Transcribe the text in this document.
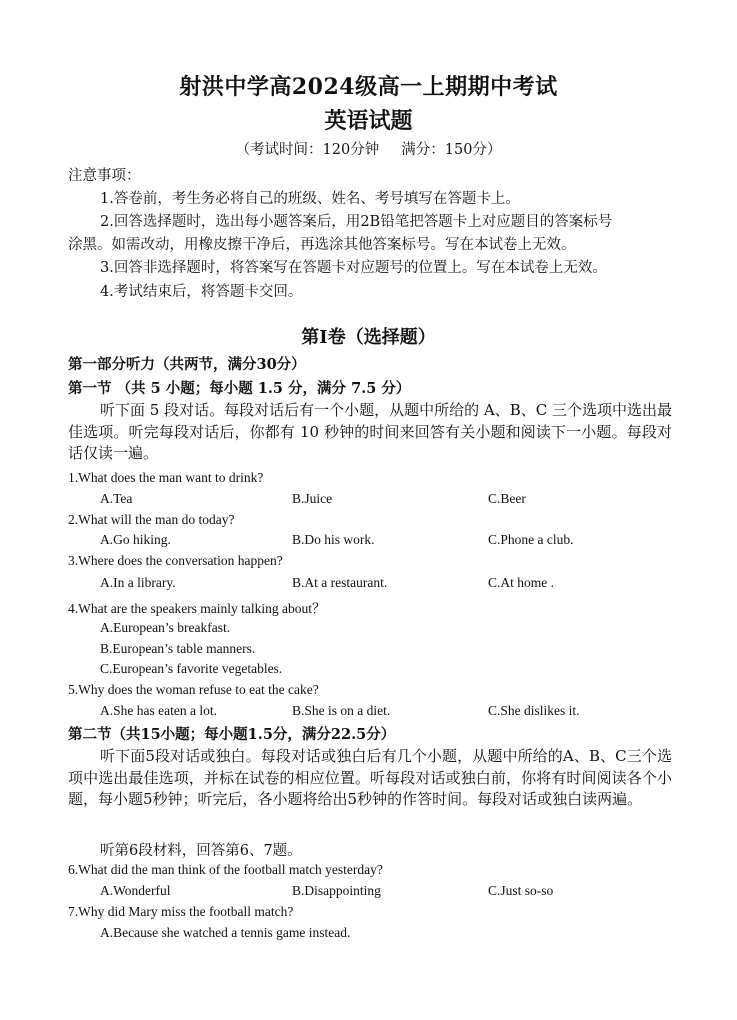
射洪中学高2024级高一上期期中考试
英语试题
（考试时间：120分钟 满分：150分）
注意事项：
1.答卷前，考生务必将自己的班级、姓名、考号填写在答题卡上。
2.回答选择题时，选出每小题答案后，用2B铅笔把答题卡上对应题目的答案标号
涂黑。如需改动，用橡皮擦干净后，再选涂其他答案标号。写在本试卷上无效。
3.回答非选择题时，将答案写在答题卡对应题号的位置上。写在本试卷上无效。
4.考试结束后，将答题卡交回。
第Ⅰ卷（选择题）
第一部分听力（共两节，满分30分）
第一节 （共 5 小题；每小题 1.5 分，满分 7.5 分）
听下面 5 段对话。每段对话后有一个小题，从题中所给的 A、B、C 三个选项中选出最佳选项。听完每段对话后，你都有 10 秒钟的时间来回答有关小题和阅读下一小题。每段对话仅读一遍。
1.What does the man want to drink?
A.Tea	B.Juice	C.Beer
2.What will the man do today?
A.Go hiking.	B.Do his work.	C.Phone a club.
3.Where does the conversation happen?
A.In a library.	B.At a restaurant.	C.At home .
4.What are the speakers mainly talking about？
A.European’s breakfast.
B.European’s table manners.
C.European’s favorite vegetables.
5.Why does the woman refuse to eat the cake?
A.She has eaten a lot.	B.She is on a diet.	C.She dislikes it.
第二节（共15小题；每小题1.5分，满分22.5分）
听下面5段对话或独白。每段对话或独白后有几个小题，从题中所给的A、B、C三个选项中选出最佳选项，并标在试卷的相应位置。听每段对话或独白前，你将有时间阅读各个小题，每小题5秒钟；听完后，各小题将给出5秒钟的作答时间。每段对话或独白读两遍。
听第6段材料，回答第6、7题。
6.What did the man think of the football match yesterday?
A.Wonderful	B.Disappointing	C.Just so-so
7.Why did Mary miss the football match?
A.Because she watched a tennis game instead.
